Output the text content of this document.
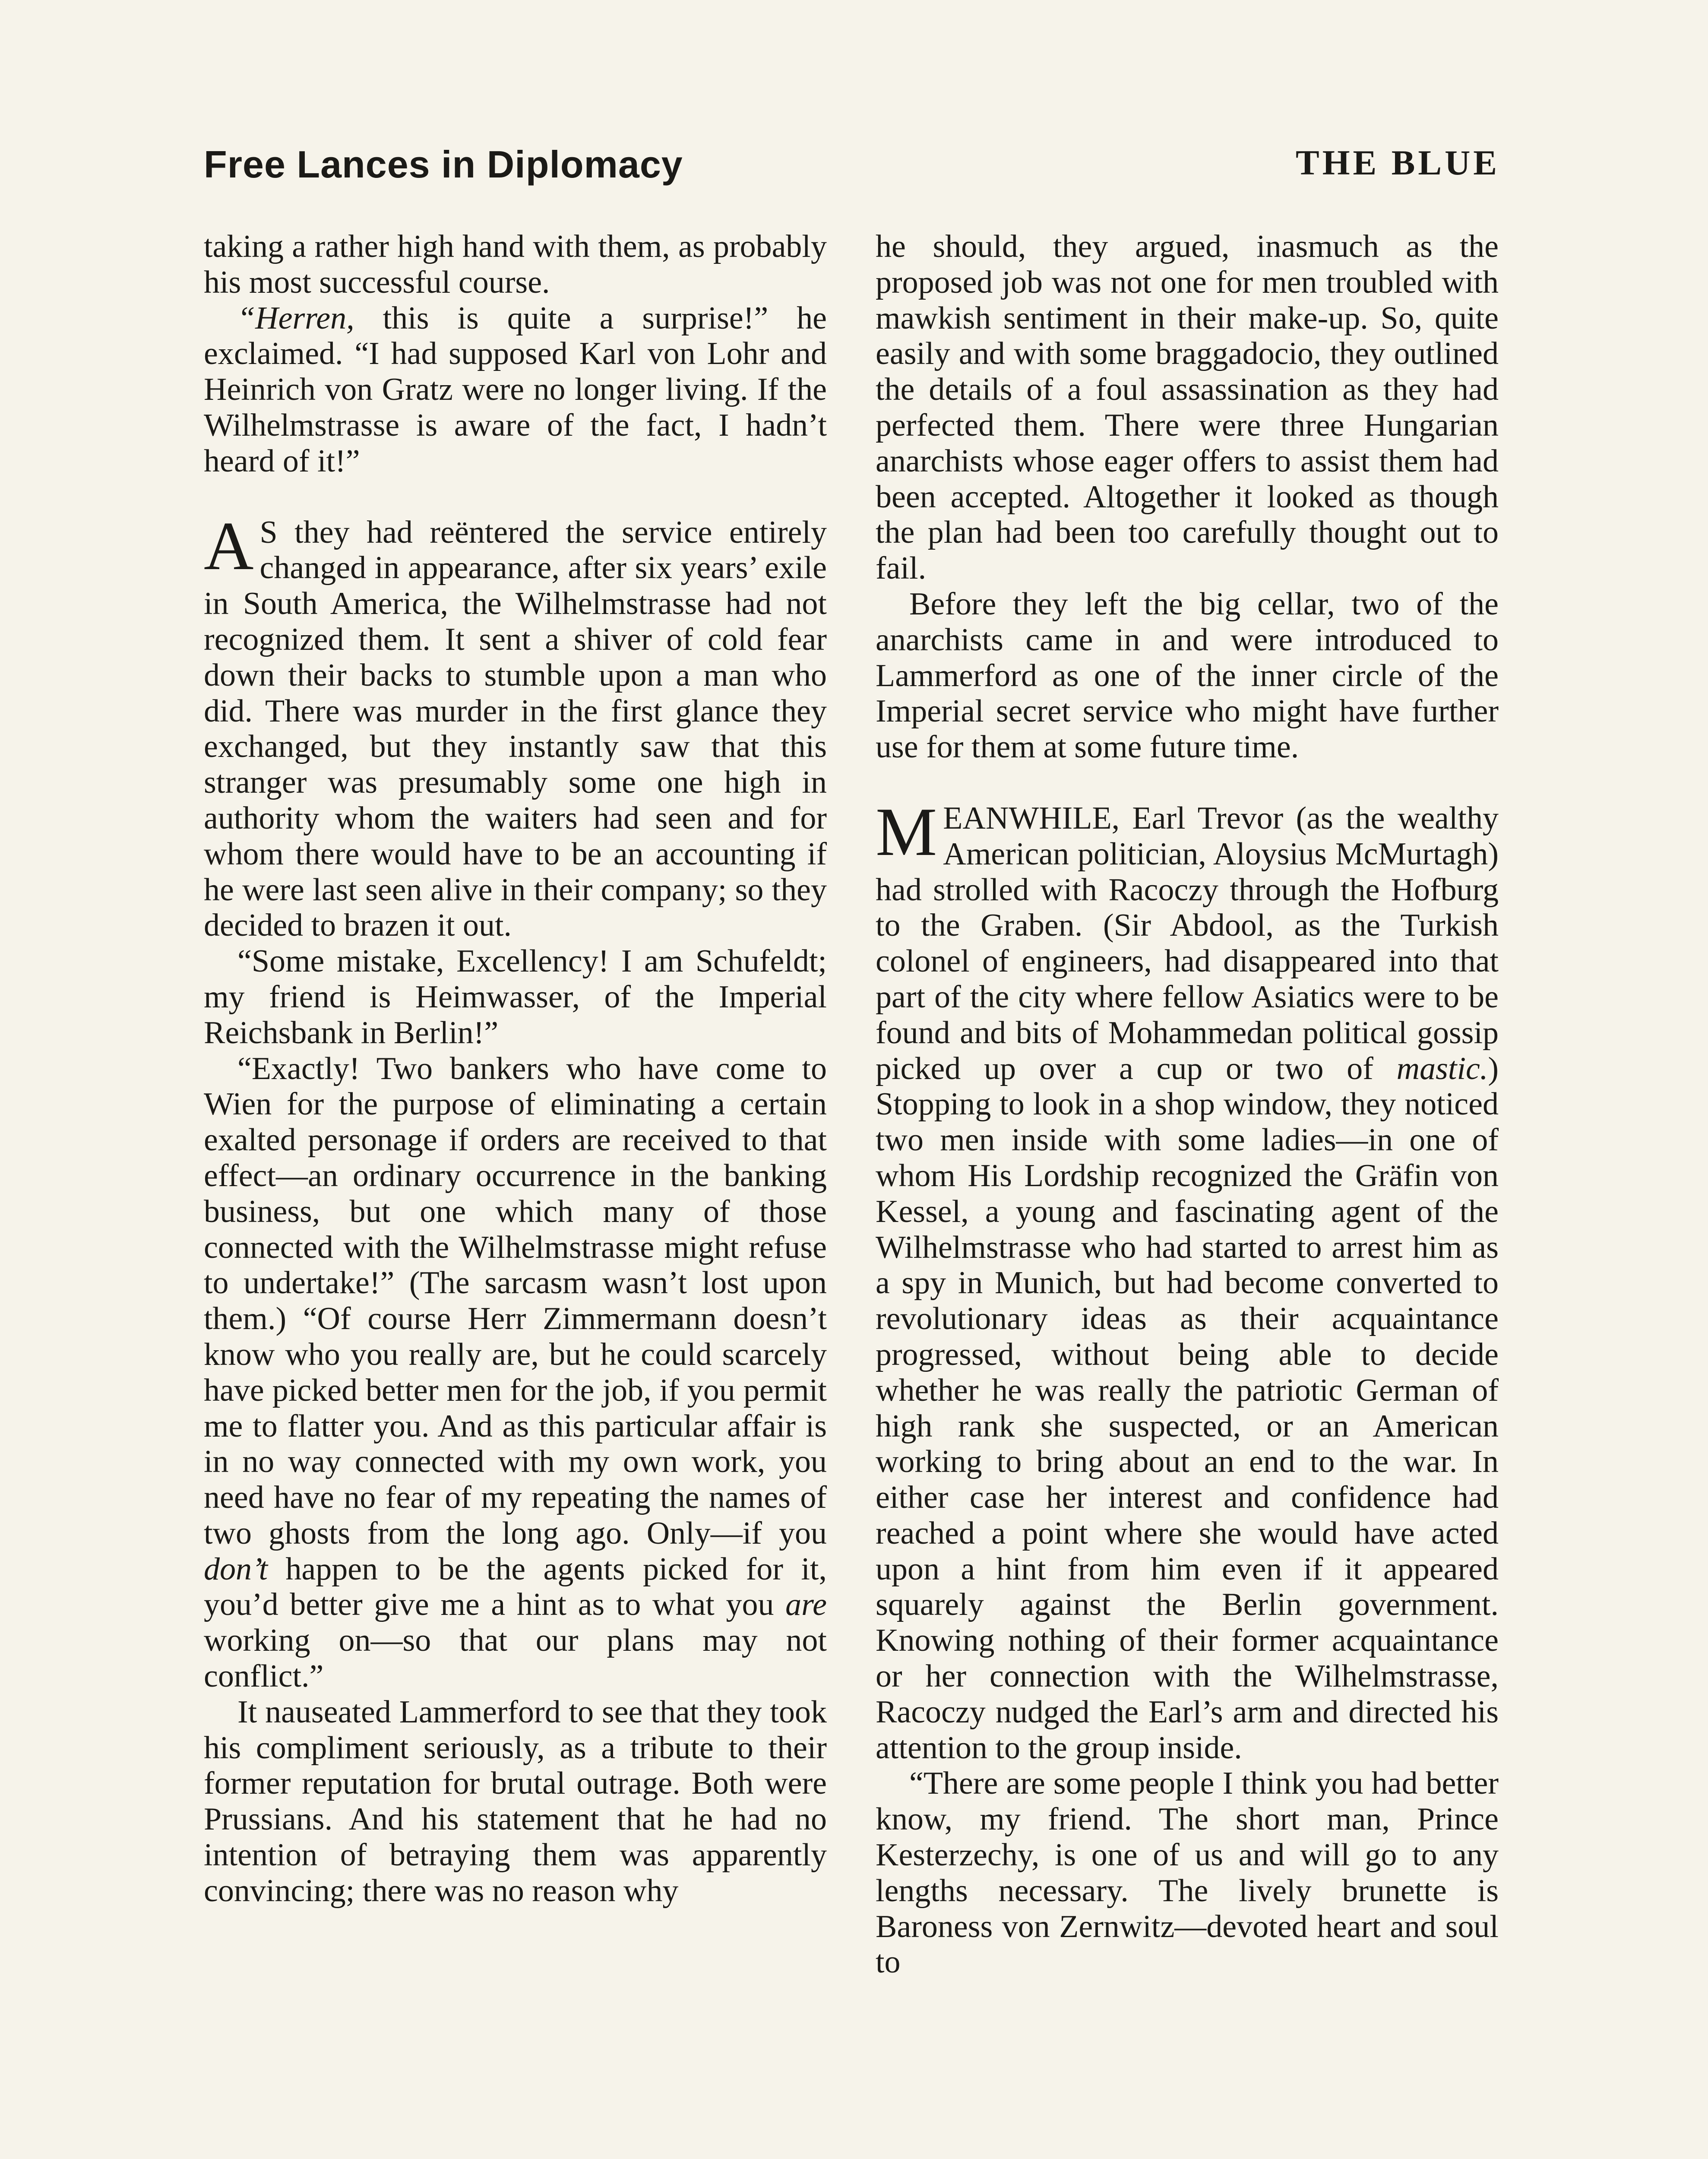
Free Lances in Diplomacy	THE BLUE

taking a rather high hand with them, as probably his most successful course.

“Herren, this is quite a surprise!” he exclaimed. “I had supposed Karl von Lohr and Heinrich von Gratz were no longer living. If the Wilhelmstrasse is aware of the fact, I hadn’t heard of it!”

A S they had reëntered the service entirely changed in appearance, after six years’ exile in South America, the Wilhelmstrasse had not recognized them. It sent a shiver of cold fear down their backs to stumble upon a man who did. There was murder in the first glance they exchanged, but they instantly saw that this stranger was presumably some one high in authority whom the waiters had seen and for whom there would have to be an accounting if he were last seen alive in their company; so they decided to brazen it out.

“Some mistake, Excellency! I am Schufeldt; my friend is Heimwasser, of the Imperial Reichsbank in Berlin!”

“Exactly! Two bankers who have come to Wien for the purpose of eliminating a certain exalted personage if orders are received to that effect—an ordinary occurrence in the banking business, but one which many of those connected with the Wilhelmstrasse might refuse to undertake!” (The sarcasm wasn’t lost upon them.) “Of course Herr Zimmermann doesn’t know who you really are, but he could scarcely have picked better men for the job, if you permit me to flatter you. And as this particular affair is in no way connected with my own work, you need have no fear of my repeating the names of two ghosts from the long ago. Only—if you don’t happen to be the agents picked for it, you’d better give me a hint as to what you are working on—so that our plans may not conflict.”

It nauseated Lammerford to see that they took his compliment seriously, as a tribute to their former reputation for brutal outrage. Both were Prussians. And his statement that he had no intention of betraying them was apparently convincing; there was no reason why

he should, they argued, inasmuch as the proposed job was not one for men troubled with mawkish sentiment in their make-up. So, quite easily and with some braggadocio, they outlined the details of a foul assassination as they had perfected them. There were three Hungarian anarchists whose eager offers to assist them had been accepted. Altogether it looked as though the plan had been too carefully thought out to fail.

Before they left the big cellar, two of the anarchists came in and were introduced to Lammerford as one of the inner circle of the Imperial secret service who might have further use for them at some future time.

MEANWHILE, Earl Trevor (as the wealthy American politician, Aloysius McMurtagh) had strolled with Racoczy through the Hofburg to the Graben. (Sir Abdool, as the Turkish colonel of engineers, had disappeared into that part of the city where fellow Asiatics were to be found and bits of Mohammedan political gossip picked up over a cup or two of mastic.) Stopping to look in a shop window, they noticed two men inside with some ladies—in one of whom His Lordship recognized the Gräfin von Kessel, a young and fascinating agent of the Wilhelmstrasse who had started to arrest him as a spy in Munich, but had become converted to revolutionary ideas as their acquaintance progressed, without being able to decide whether he was really the patriotic German of high rank she suspected, or an American working to bring about an end to the war. In either case her interest and confidence had reached a point where she would have acted upon a hint from him even if it appeared squarely against the Berlin government. Knowing nothing of their former acquaintance or her connection with the Wilhelmstrasse, Racoczy nudged the Earl’s arm and directed his attention to the group inside.

“There are some people I think you had better know, my friend. The short man, Prince Kesterzechy, is one of us and will go to any lengths necessary. The lively brunette is Baroness von Zernwitz—devoted heart and soul to
